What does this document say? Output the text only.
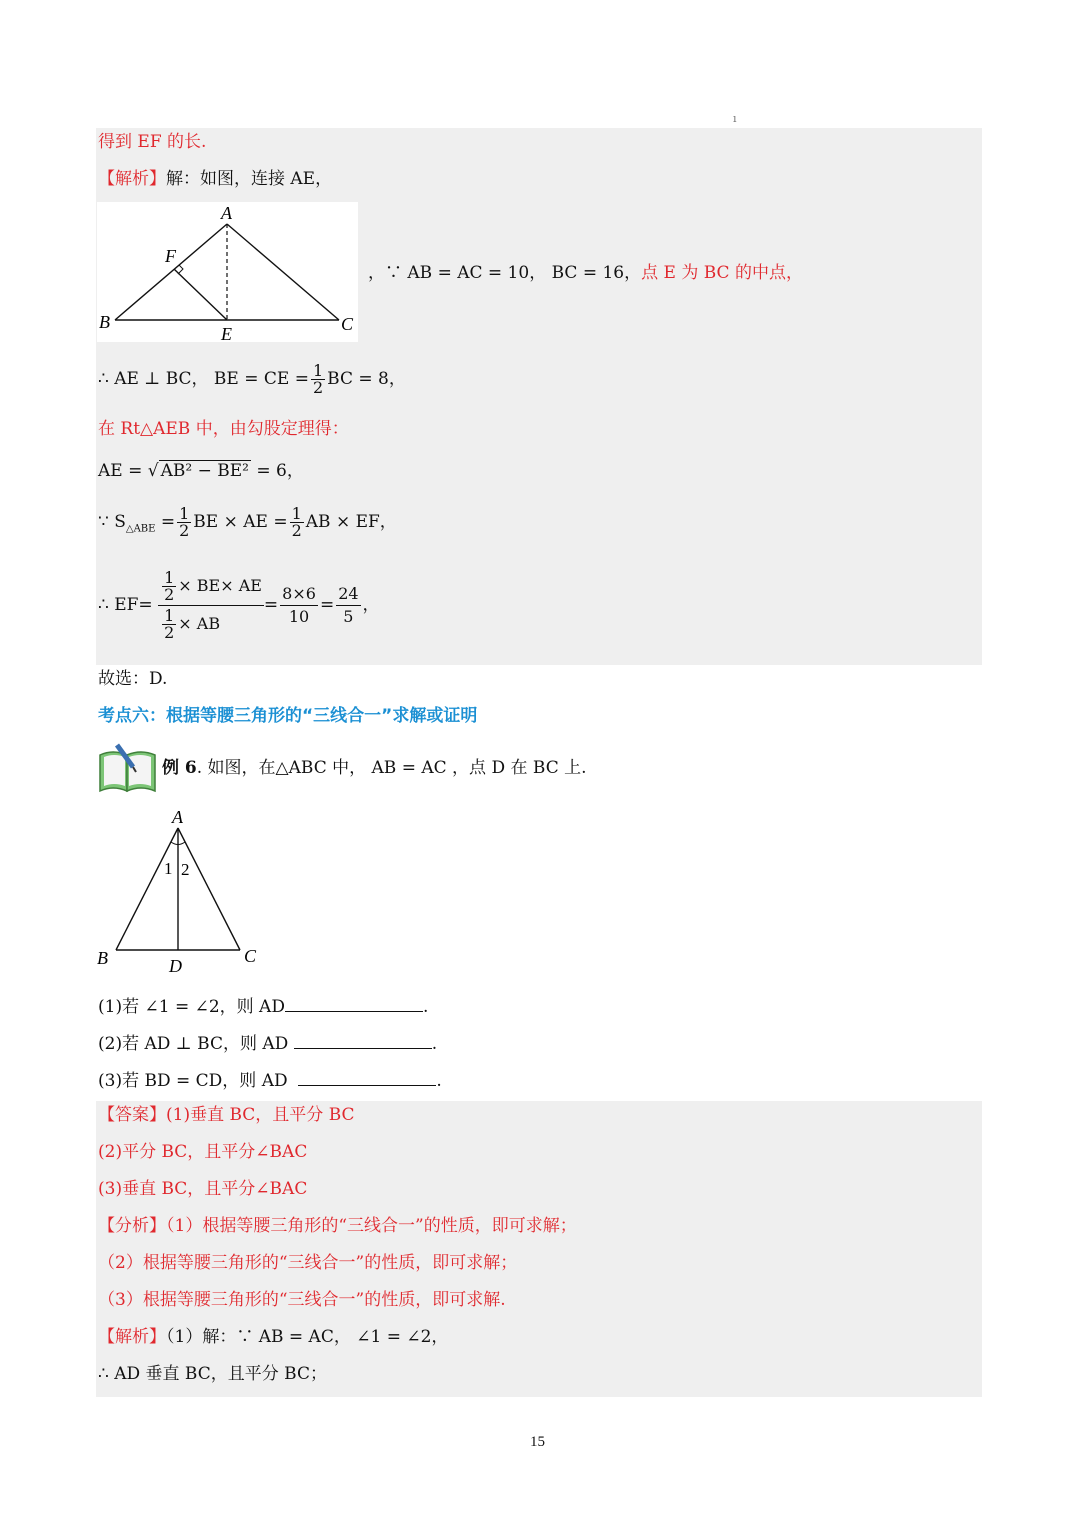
ı
得到 EF 的长.
【解析】解：如图，连接 AE，
A
B	C
E
F
，∵ AB = AC = 10， BC = 16，点 E 为 BC 的中点，
∴ AE ⊥ BC， BE = CE = $\frac{1}{2}$ BC = 8，
在 Rt△AEB 中，由勾股定理得：
AE = √ AB² − BE² = 6，
∵ $S_{\triangle ABE} = \frac{1}{2}$ BE × AE = $\frac{1}{2}$ AB × EF，
∴ $EF= \frac{\frac{1}{2} \times BE\times AE}{\frac{1}{2} \times AB} = \frac{8\times 6}{10} = \frac{24}{5}$ ，
故选：D.
考点六：根据等腰三角形的“三线合一”求解或证明
例 6. 如图，在△ABC 中， AB = AC ，点 D 在 BC 上.
A
B	C
D
1 2
(1)若 ∠1 = ∠2，则 AD	.
(2)若 AD ⊥ BC，则 AD	.
(3)若 BD = CD，则 AD	.
【答案】(1)垂直 BC，且平分 BC
(2)平分 BC，且平分∠BAC
(3)垂直 BC，且平分∠BAC
【分析】（1）根据等腰三角形的“三线合一”的性质，即可求解；
（2）根据等腰三角形的“三线合一”的性质，即可求解；
（3）根据等腰三角形的“三线合一”的性质，即可求解.
【解析】（1）解：∵ AB = AC， ∠1 = ∠2，
∴ AD 垂直 BC，且平分 BC；
15
